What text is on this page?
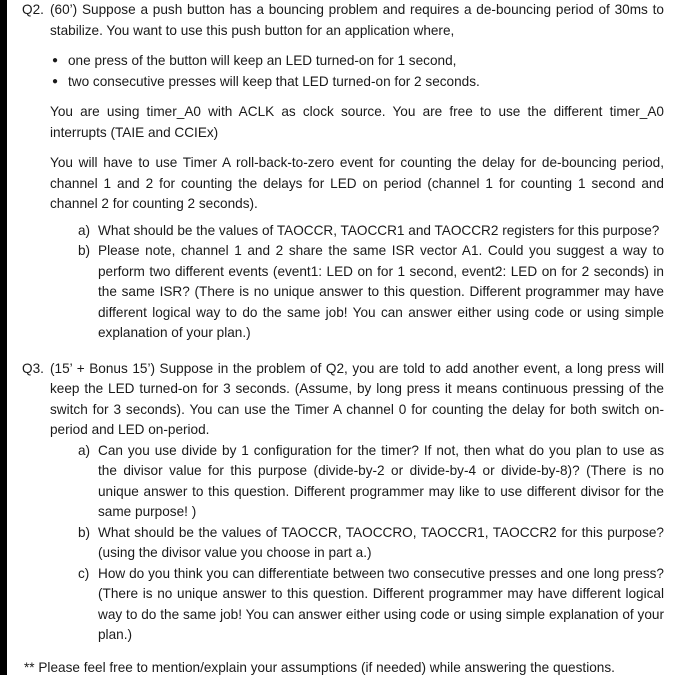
Q2. (60’) Suppose a push button has a bouncing problem and requires a de-bouncing period of 30ms to stabilize. You want to use this push button for an application where,

● one press of the button will keep an LED turned-on for 1 second,
● two consecutive presses will keep that LED turned-on for 2 seconds.

You are using timer_A0 with ACLK as clock source. You are free to use the different timer_A0 interrupts (TAIE and CCIEx)

You will have to use Timer A roll-back-to-zero event for counting the delay for de-bouncing period, channel 1 and 2 for counting the delays for LED on period (channel 1 for counting 1 second and channel 2 for counting 2 seconds).

a) What should be the values of TAOCCR, TAOCCR1 and TAOCCR2 registers for this purpose?
b) Please note, channel 1 and 2 share the same ISR vector A1. Could you suggest a way to perform two different events (event1: LED on for 1 second, event2: LED on for 2 seconds) in the same ISR? (There is no unique answer to this question. Different programmer may have different logical way to do the same job! You can answer either using code or using simple explanation of your plan.)
Q3. (15’ + Bonus 15’) Suppose in the problem of Q2, you are told to add another event, a long press will keep the LED turned-on for 3 seconds. (Assume, by long press it means continuous pressing of the switch for 3 seconds). You can use the Timer A channel 0 for counting the delay for both switch on-period and LED on-period.

a) Can you use divide by 1 configuration for the timer? If not, then what do you plan to use as the divisor value for this purpose (divide-by-2 or divide-by-4 or divide-by-8)? (There is no unique answer to this question. Different programmer may like to use different divisor for the same purpose! )
b) What should be the values of TAOCCR, TAOCCRO, TAOCCR1, TAOCCR2 for this purpose? (using the divisor value you choose in part a.)
c) How do you think you can differentiate between two consecutive presses and one long press? (There is no unique answer to this question. Different programmer may have different logical way to do the same job! You can answer either using code or using simple explanation of your plan.)

** Please feel free to mention/explain your assumptions (if needed) while answering the questions.
